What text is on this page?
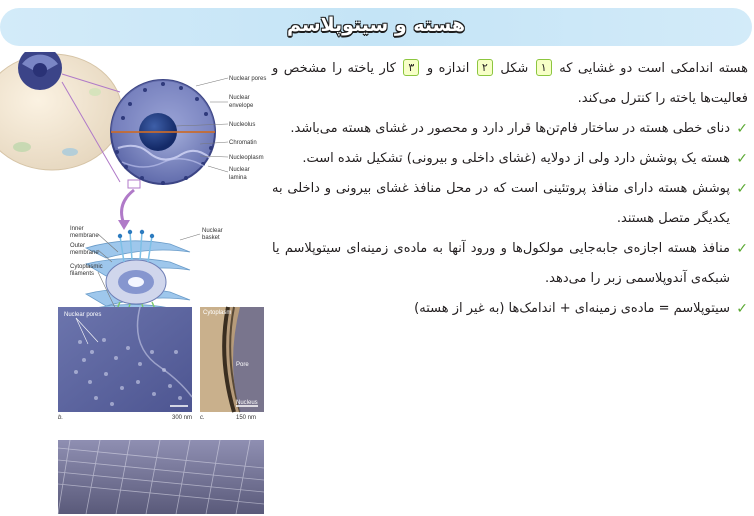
هسته و سیتوپلاسم

هسته اندامکی است دو غشایی که ۱ شکل ۲ اندازه و ۳ کار یاخته را مشخص و فعالیت‌ها یاخته را کنترل می‌کند.

✓
دنای خطی هسته در ساختار فام‌تن‌ها قرار دارد و محصور در غشای هسته می‌باشد.

✓
هسته یک پوشش دارد ولی از دولایه (غشای داخلی و بیرونی) تشکیل شده است.

✓
پوشش هسته دارای منافذ پروتئینی است که در محل منافذ غشای بیرونی و داخلی به یکدیگر متصل هستند.

✓
منافذ هسته اجازه‌ی جابه‌جایی مولکول‌ها و ورود آنها به ماده‌ی زمینه‌ای سیتوپلاسم یا شبکه‌ی آندوپلاسمی زبر را می‌دهد.

✓
سیتوپلاسم = ماده‌ی زمینه‌ای + اندامک‌ها (به غیر از هسته)

Nuclear pores
Nuclear
envelope
Nucleolus
Chromatin
Nucleoplasm
Nuclear
lamina
Inner
membrane
Outer
membrane
Cytoplasmic
filaments
Nuclear
basket
Nuclear pores
300 nm
b.
Cytoplasm
Pore
Nucleus
150 nm
c.
